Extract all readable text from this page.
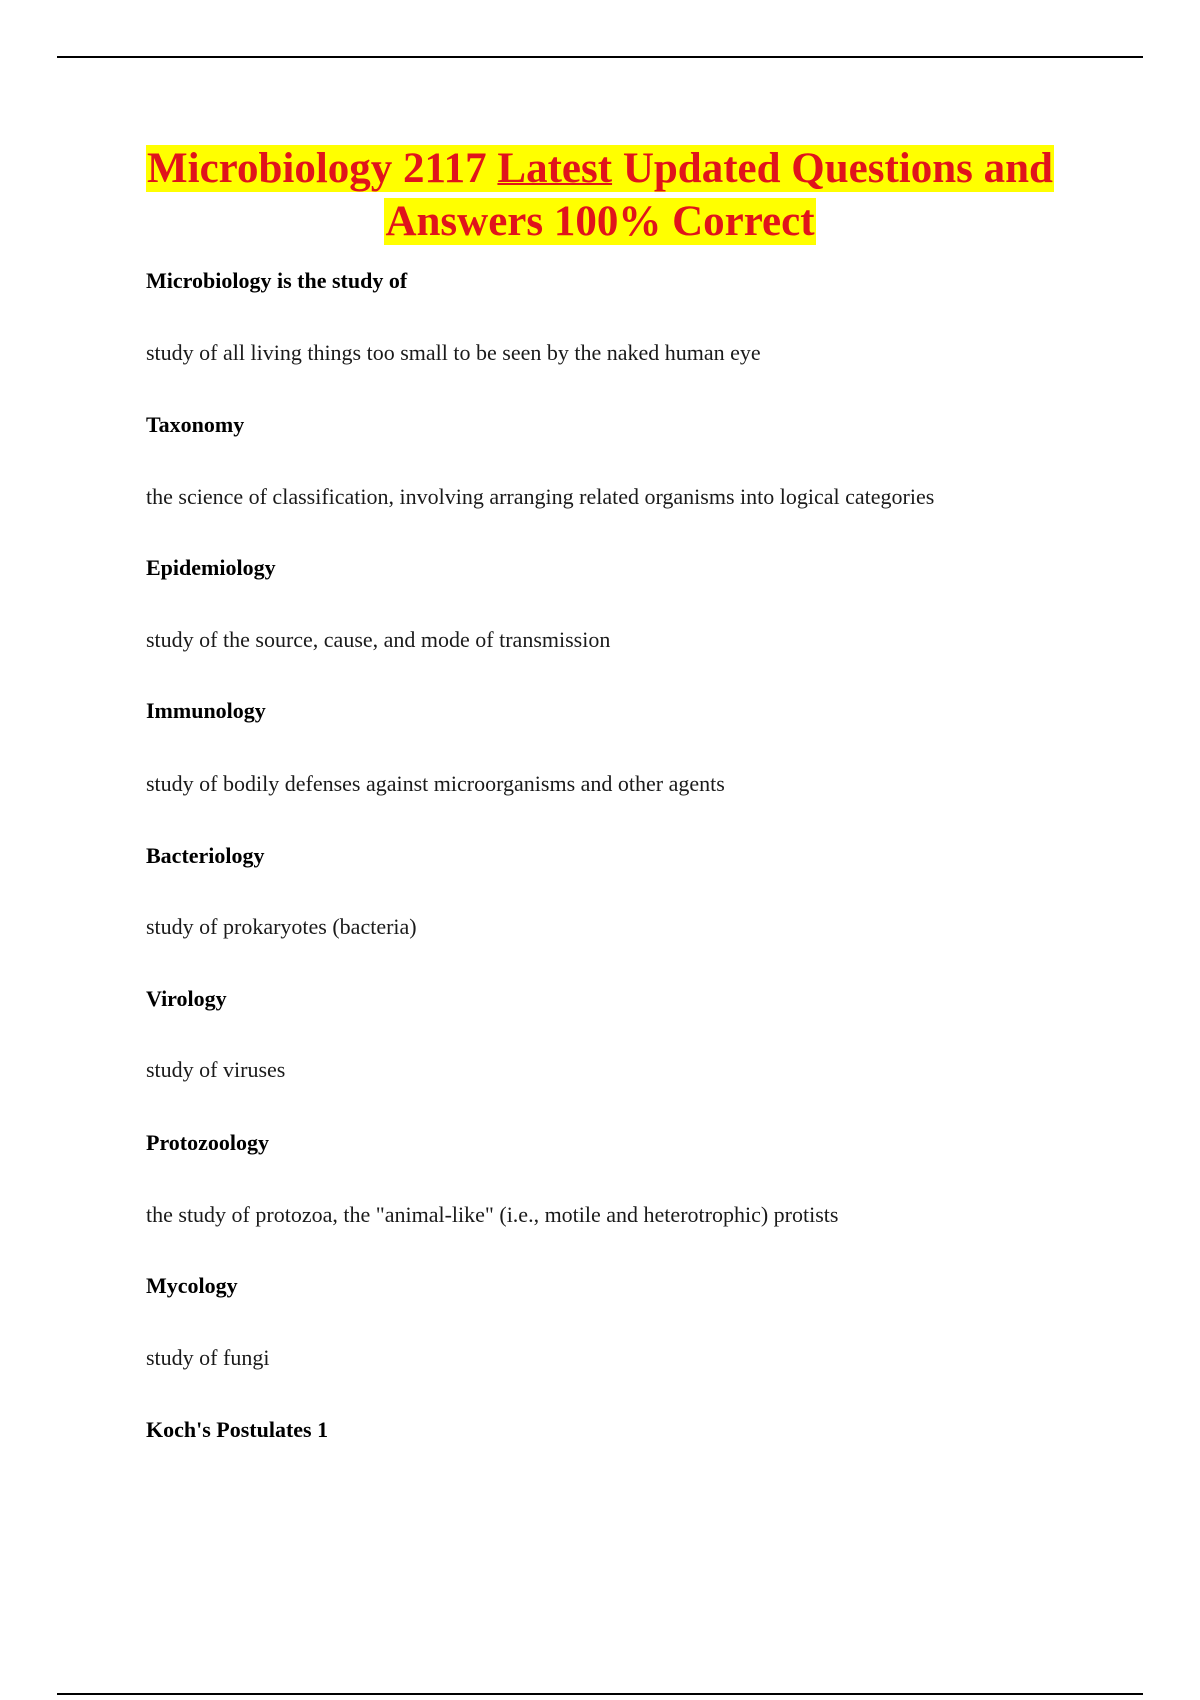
Microbiology 2117 Latest Updated Questions and
Answers 100% Correct
Microbiology is the study of
study of all living things too small to be seen by the naked human eye
Taxonomy
the science of classification, involving arranging related organisms into logical categories
Epidemiology
study of the source, cause, and mode of transmission
Immunology
study of bodily defenses against microorganisms and other agents
Bacteriology
study of prokaryotes (bacteria)
Virology
study of viruses
Protozoology
the study of protozoa, the "animal-like" (i.e., motile and heterotrophic) protists
Mycology
study of fungi
Koch's Postulates 1
